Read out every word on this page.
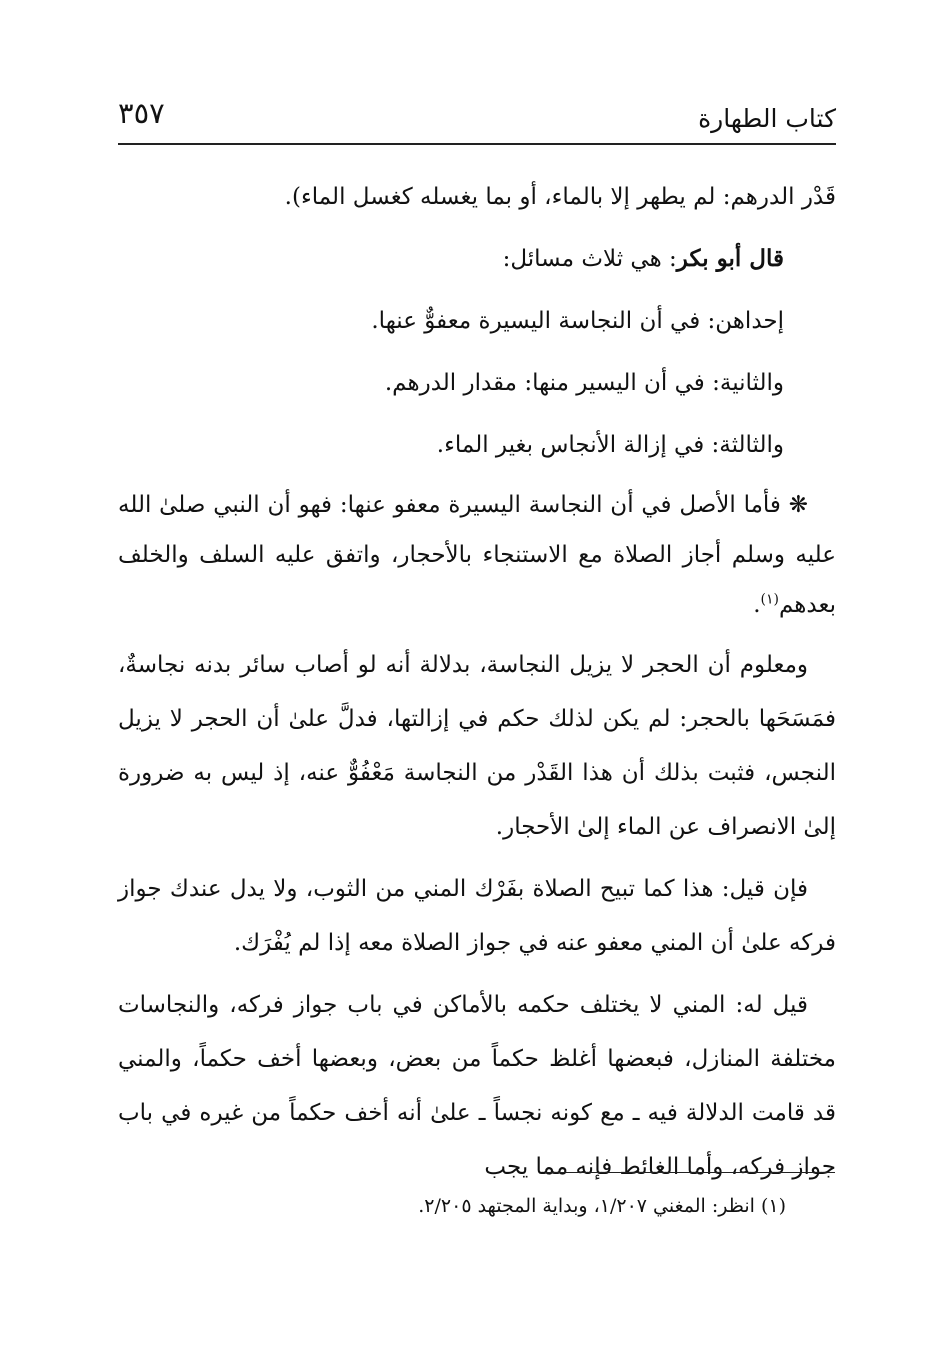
كتاب الطهارة
٣٥٧

قَدْر الدرهم: لم يطهر إلا بالماء، أو بما يغسله كغسل الماء).

قال أبو بكر: هي ثلاث مسائل:

إحداهن: في أن النجاسة اليسيرة معفوٌّ عنها.

والثانية: في أن اليسير منها: مقدار الدرهم.

والثالثة: في إزالة الأنجاس بغير الماء.

❋ فأما الأصل في أن النجاسة اليسيرة معفو عنها: فهو أن النبي صلىٰ الله عليه وسلم أجاز الصلاة مع الاستنجاء بالأحجار، واتفق عليه السلف والخلف بعدهم$^{(١)}$.

ومعلوم أن الحجر لا يزيل النجاسة، بدلالة أنه لو أصاب سائر بدنه نجاسةٌ، فمَسَحَها بالحجر: لم يكن لذلك حكم في إزالتها، فدلَّ علىٰ أن الحجر لا يزيل النجس، فثبت بذلك أن هذا القَدْر من النجاسة مَعْفُوٌّ عنه، إذ ليس به ضرورة إلىٰ الانصراف عن الماء إلىٰ الأحجار.

فإن قيل: هذا كما تبيح الصلاة بفَرْك المني من الثوب، ولا يدل عندك جواز فركه علىٰ أن المني معفو عنه في جواز الصلاة معه إذا لم يُفْرَك.

قيل له: المني لا يختلف حكمه بالأماكن في باب جواز فركه، والنجاسات مختلفة المنازل، فبعضها أغلظ حكماً من بعض، وبعضها أخف حكماً، والمني قد قامت الدلالة فيه ـ مع كونه نجساً ـ علىٰ أنه أخف حكماً من غيره في باب جواز فركه، وأما الغائط فإنه مما يجب

(١) انظر: المغني ١/٢٠٧، وبداية المجتهد ٢/٢٠٥.
